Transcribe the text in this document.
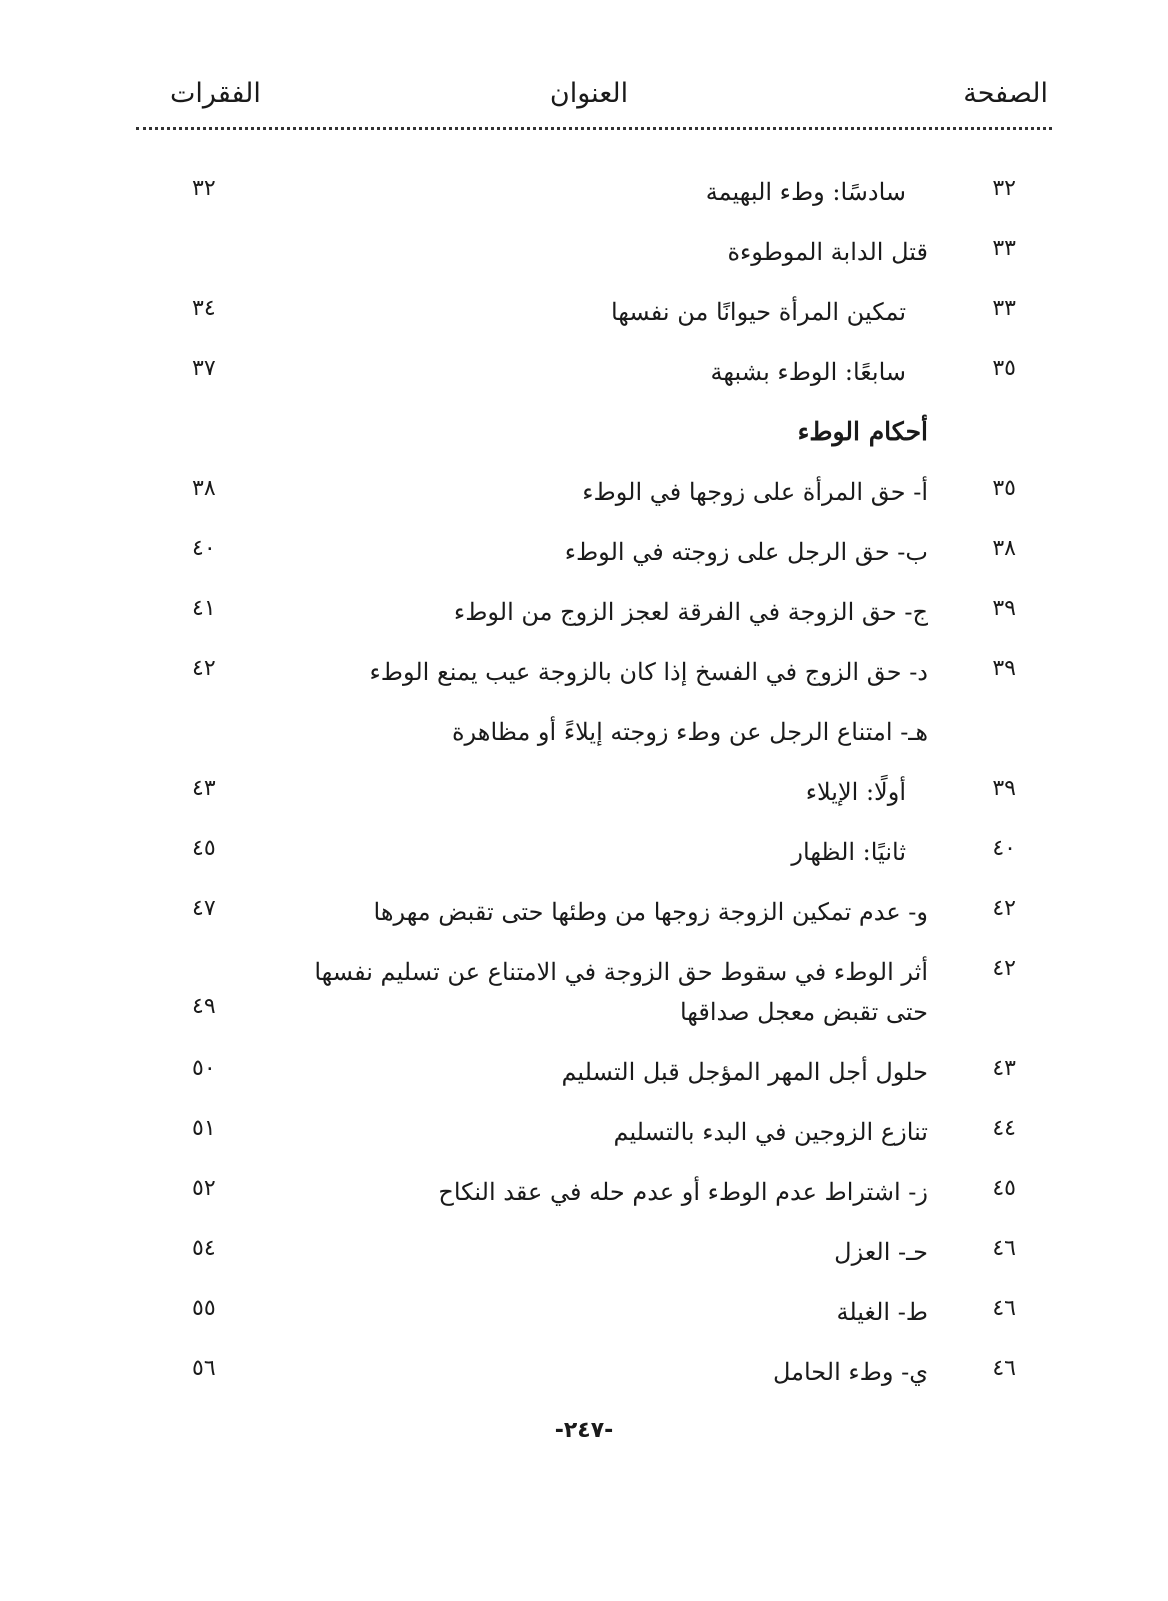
الصفحة
العنوان
الفقرات
٣٢
سادسًا: وطء البهيمة
٣٢
٣٣
قتل الدابة الموطوءة
٣٣
تمكين المرأة حيوانًا من نفسها
٣٤
٣٥
سابعًا: الوطء بشبهة
٣٧
أحكام الوطء
٣٥
أ- حق المرأة على زوجها في الوطء
٣٨
٣٨
ب- حق الرجل على زوجته في الوطء
٤٠
٣٩
ج- حق الزوجة في الفرقة لعجز الزوج من الوطء
٤١
٣٩
د- حق الزوج في الفسخ إذا كان بالزوجة عيب يمنع الوطء
٤٢
هـ- امتناع الرجل عن وطء زوجته إيلاءً أو مظاهرة
٣٩
أولًا: الإيلاء
٤٣
٤٠
ثانيًا: الظهار
٤٥
٤٢
و- عدم تمكين الزوجة زوجها من وطئها حتى تقبض مهرها
٤٧
٤٢
أثر الوطء في سقوط حق الزوجة في الامتناع عن تسليم نفسها حتى تقبض معجل صداقها
٤٩
٤٣
حلول أجل المهر المؤجل قبل التسليم
٥٠
٤٤
تنازع الزوجين في البدء بالتسليم
٥١
٤٥
ز- اشتراط عدم الوطء أو عدم حله في عقد النكاح
٥٢
٤٦
حـ- العزل
٥٤
٤٦
ط- الغيلة
٥٥
٤٦
ي- وطء الحامل
٥٦
-٢٤٧-
